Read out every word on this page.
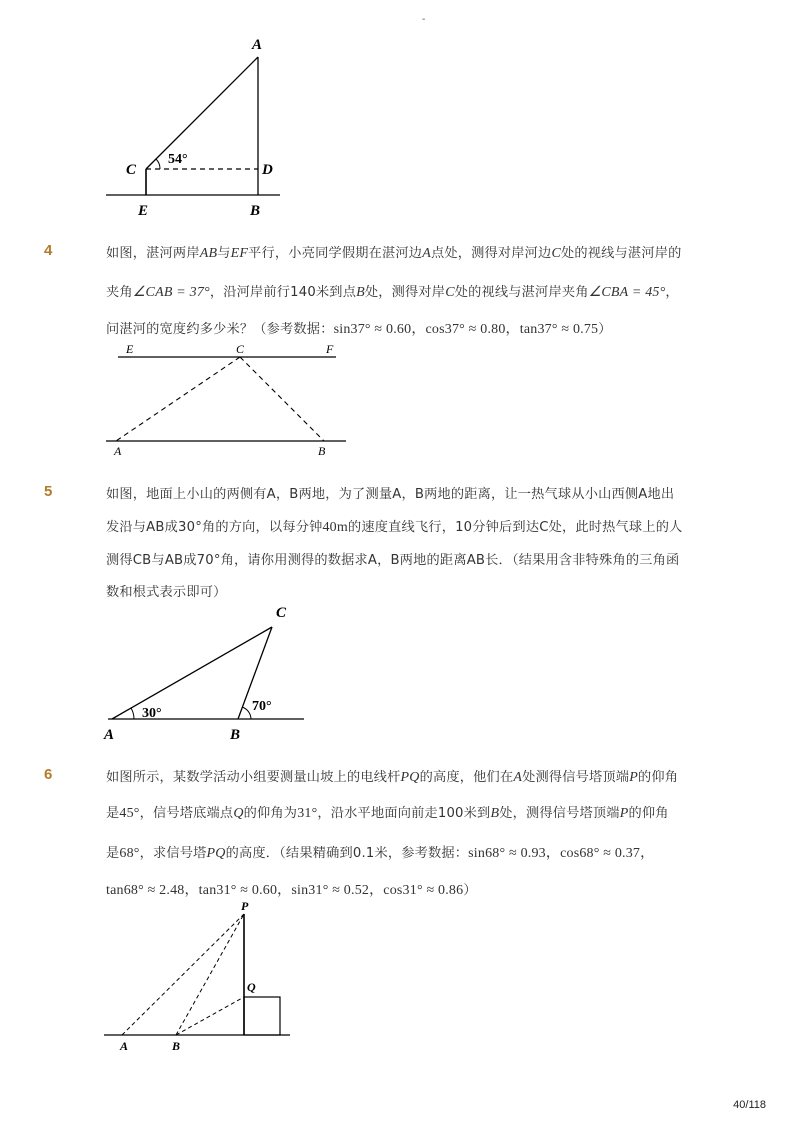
-
A
C	D
E	B
54°
4	如图，湛河两岸AB与EF平行，小亮同学假期在湛河边A点处，测得对岸河边C处的视线与湛河岸的
夹角∠CAB = 37°，沿河岸前行140米到点B处，测得对岸C处的视线与湛河岸夹角∠CBA = 45°，
问湛河的宽度约多少米？（参考数据：sin37° ≈ 0.60，cos37° ≈ 0.80，tan37° ≈ 0.75）
E	C	F
A	B
5	如图，地面上小山的两侧有A，B两地，为了测量A，B两地的距离，让一热气球从小山西侧A地出
发沿与AB成30°角的方向，以每分钟40m的速度直线飞行，10分钟后到达C处，此时热气球上的人
测得CB与AB成70°角，请你用测得的数据求A，B两地的距离AB长．（结果用含非特殊角的三角函
数和根式表示即可）
C
A	B
30°	70°
6	如图所示，某数学活动小组要测量山坡上的电线杆PQ的高度，他们在A处测得信号塔顶端P的仰角
是45°，信号塔底端点Q的仰角为31°，沿水平地面向前走100米到B处，测得信号塔顶端P的仰角
是68°，求信号塔PQ的高度．（结果精确到0.1米，参考数据：sin68° ≈ 0.93，cos68° ≈ 0.37，
tan68° ≈ 2.48，tan31° ≈ 0.60，sin31° ≈ 0.52，cos31° ≈ 0.86）
P
Q
A	B
40/118
